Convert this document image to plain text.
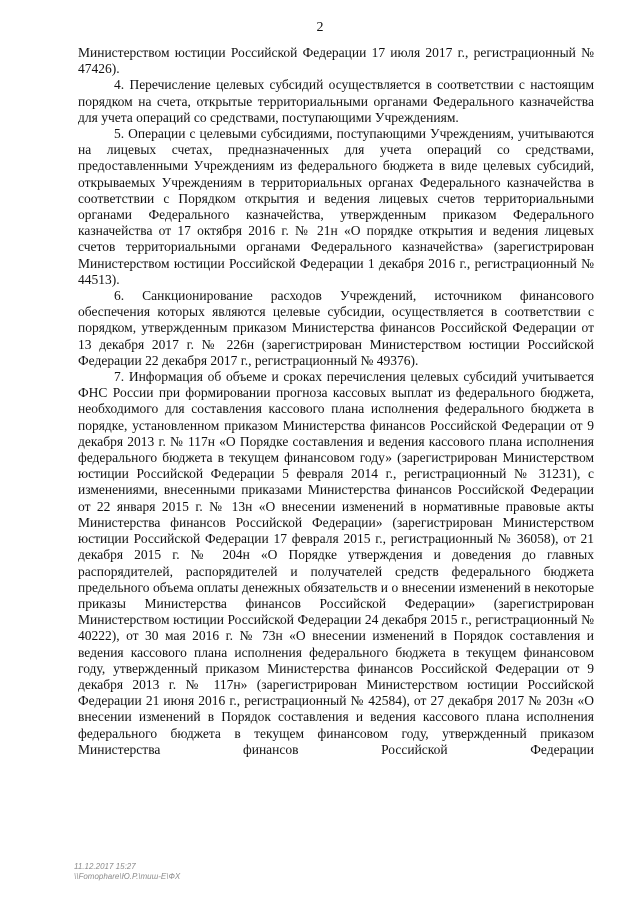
2

Министерством юстиции Российской Федерации 17 июля 2017 г., регистрационный № 47426).

4. Перечисление целевых субсидий осуществляется в соответствии с настоящим порядком на счета, открытые территориальными органами Федерального казначейства для учета операций со средствами, поступающими Учреждениям.

5. Операции с целевыми субсидиями, поступающими Учреждениям, учитываются на лицевых счетах, предназначенных для учета операций со средствами, предоставленными Учреждениям из федерального бюджета в виде целевых субсидий, открываемых Учреждениям в территориальных органах Федерального казначейства в соответствии с Порядком открытия и ведения лицевых счетов территориальными органами Федерального казначейства, утвержденным приказом Федерального казначейства от 17 октября 2016 г. № 21н «О порядке открытия и ведения лицевых счетов территориальными органами Федерального казначейства» (зарегистрирован Министерством юстиции Российской Федерации 1 декабря 2016 г., регистрационный № 44513).

6. Санкционирование расходов Учреждений, источником финансового обеспечения которых являются целевые субсидии, осуществляется в соответствии с порядком, утвержденным приказом Министерства финансов Российской Федерации от 13 декабря 2017 г. № 226н (зарегистрирован Министерством юстиции Российской Федерации 22 декабря 2017 г., регистрационный № 49376).

7. Информация об объеме и сроках перечисления целевых субсидий учитывается ФНС России при формировании прогноза кассовых выплат из федерального бюджета, необходимого для составления кассового плана исполнения федерального бюджета в порядке, установленном приказом Министерства финансов Российской Федерации от 9 декабря 2013 г. № 117н «О Порядке составления и ведения кассового плана исполнения федерального бюджета в текущем финансовом году» (зарегистрирован Министерством юстиции Российской Федерации 5 февраля 2014 г., регистрационный № 31231), с изменениями, внесенными приказами Министерства финансов Российской Федерации от 22 января 2015 г. № 13н «О внесении изменений в нормативные правовые акты Министерства финансов Российской Федерации» (зарегистрирован Министерством юстиции Российской Федерации 17 февраля 2015 г., регистрационный № 36058), от 21 декабря 2015 г. № 204н «О Порядке утверждения и доведения до главных распорядителей, распорядителей и получателей средств федерального бюджета предельного объема оплаты денежных обязательств и о внесении изменений в некоторые приказы Министерства финансов Российской Федерации» (зарегистрирован Министерством юстиции Российской Федерации 24 декабря 2015 г., регистрационный № 40222), от 30 мая 2016 г. № 73н «О внесении изменений в Порядок составления и ведения кассового плана исполнения федерального бюджета в текущем финансовом году, утвержденный приказом Министерства финансов Российской Федерации от 9 декабря 2013 г. № 117н» (зарегистрирован Министерством юстиции Российской Федерации 21 июня 2016 г., регистрационный № 42584), от 27 декабря 2017 № 203н «О внесении изменений в Порядок составления и ведения кассового плана исполнения федерального бюджета в текущем финансовом году, утвержденный приказом Министерства финансов Российской Федерации

11.12.2017 15:27
\\Fomophare\Ю.Р.\тиш-Е\ФХ
